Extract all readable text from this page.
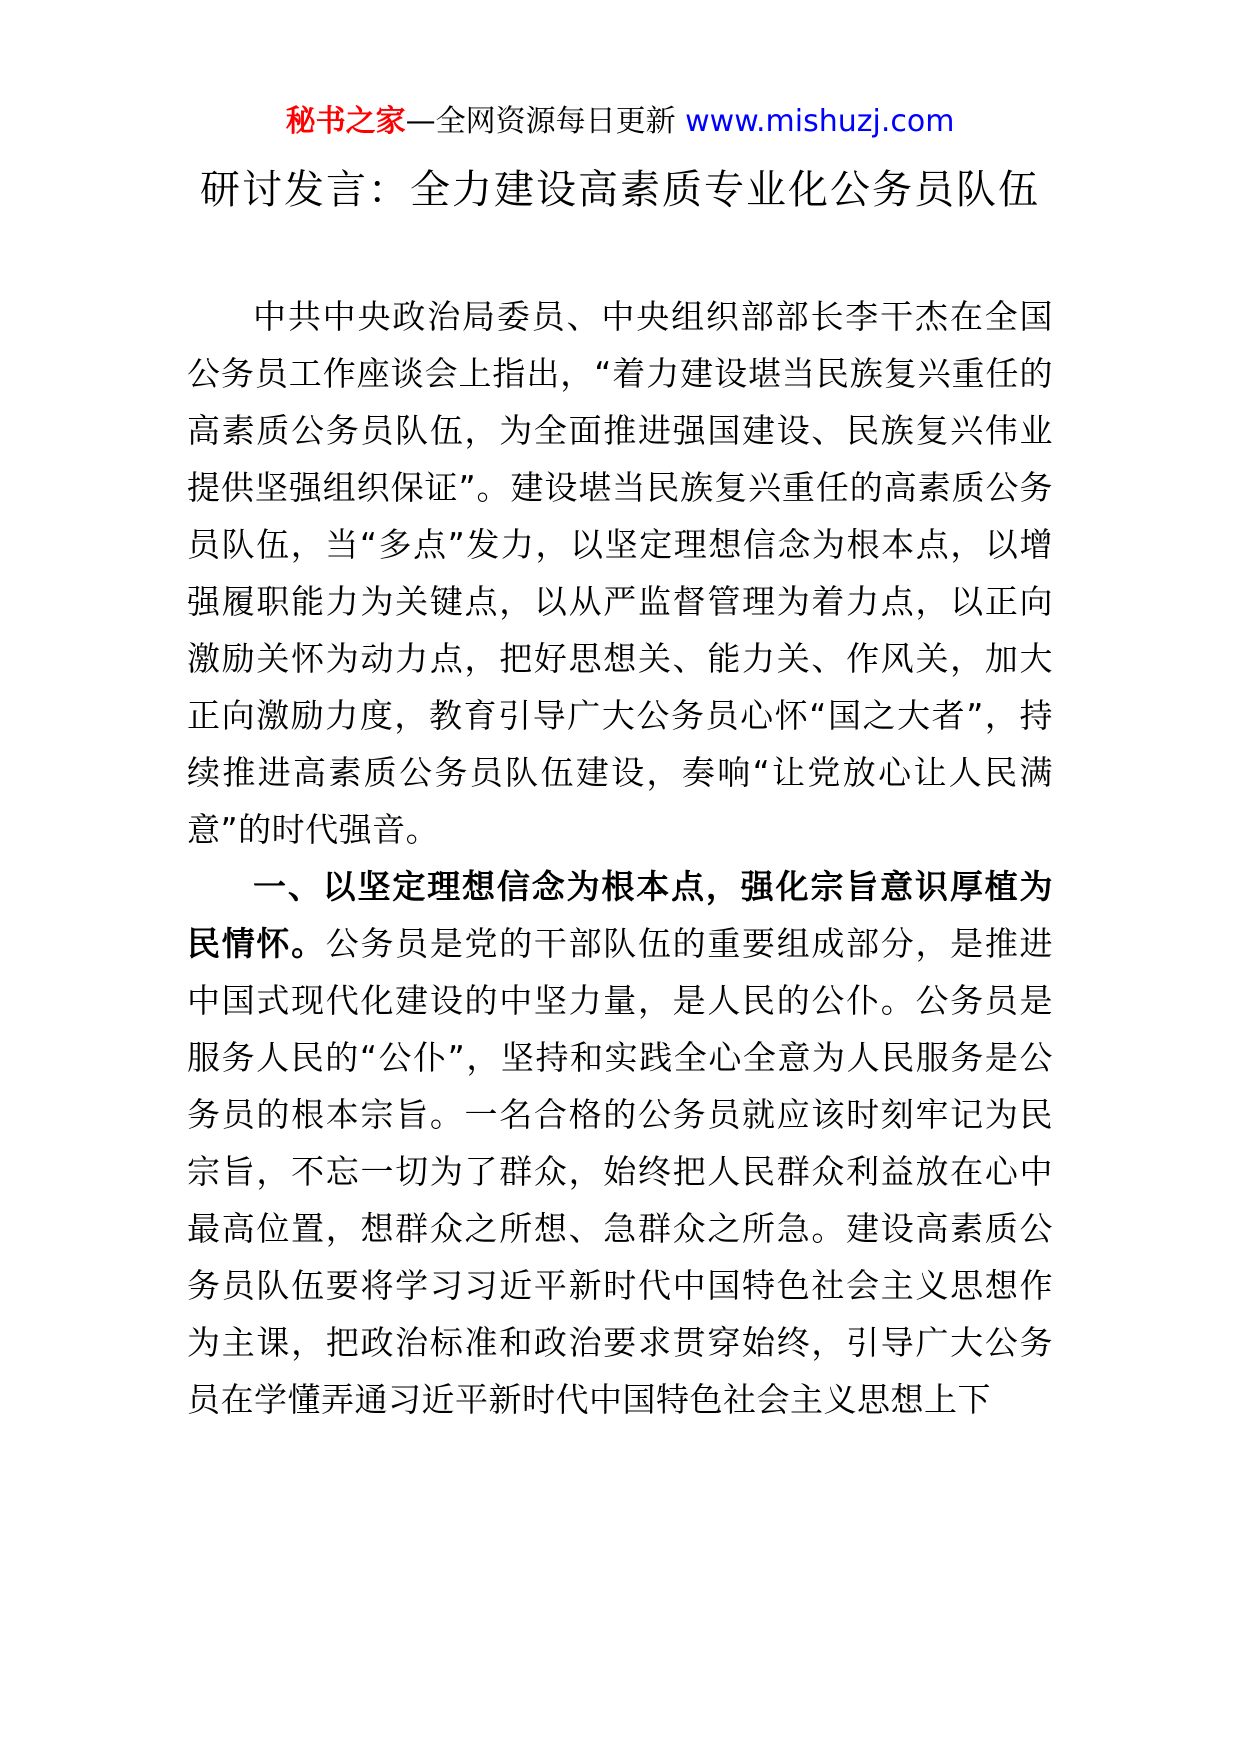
秘书之家—全网资源每日更新 www.mishuzj.com
研讨发言：全力建设高素质专业化公务员队伍

中共中央政治局委员、中央组织部部长李干杰在全国公务员工作座谈会上指出，“着力建设堪当民族复兴重任的高素质公务员队伍，为全面推进强国建设、民族复兴伟业提供坚强组织保证”。建设堪当民族复兴重任的高素质公务员队伍，当“多点”发力，以坚定理想信念为根本点，以增强履职能力为关键点，以从严监督管理为着力点，以正向激励关怀为动力点，把好思想关、能力关、作风关，加大正向激励力度，教育引导广大公务员心怀“国之大者”，持续推进高素质公务员队伍建设，奏响“让党放心让人民满意”的时代强音。

一、以坚定理想信念为根本点，强化宗旨意识厚植为民情怀。公务员是党的干部队伍的重要组成部分，是推进中国式现代化建设的中坚力量，是人民的公仆。公务员是服务人民的“公仆”，坚持和实践全心全意为人民服务是公务员的根本宗旨。一名合格的公务员就应该时刻牢记为民宗旨，不忘一切为了群众，始终把人民群众利益放在心中最高位置，想群众之所想、急群众之所急。建设高素质公务员队伍要将学习习近平新时代中国特色社会主义思想作为主课，把政治标准和政治要求贯穿始终，引导广大公务员在学懂弄通习近平新时代中国特色社会主义思想上下
